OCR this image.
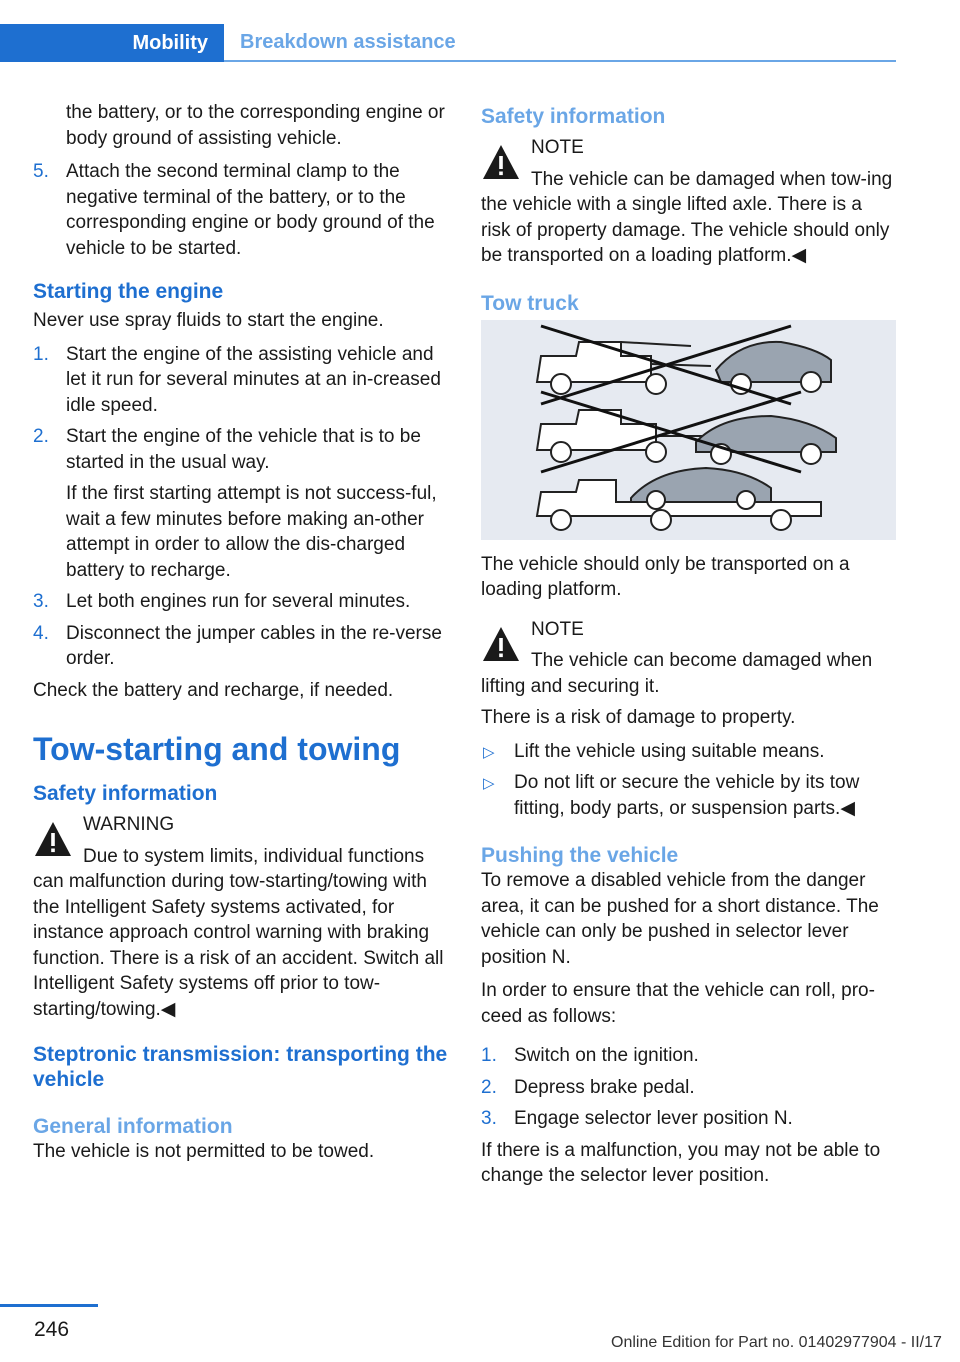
Mobility	Breakdown assistance

the battery, or to the corresponding engine or body ground of assisting vehicle.

5. Attach the second terminal clamp to the negative terminal of the battery, or to the corresponding engine or body ground of the vehicle to be started.

Starting the engine

Never use spray fluids to start the engine.

1. Start the engine of the assisting vehicle and let it run for several minutes at an in‐creased idle speed.

2. Start the engine of the vehicle that is to be started in the usual way.

If the first starting attempt is not success‐ful, wait a few minutes before making an‐other attempt in order to allow the dis‐charged battery to recharge.

3. Let both engines run for several minutes.

4. Disconnect the jumper cables in the re‐verse order.

Check the battery and recharge, if needed.

Tow-starting and towing
Safety information
WARNING

Due to system limits, individual functions can malfunction during tow-starting/towing with the Intelligent Safety systems activated, for instance approach control warning with braking function. There is a risk of an accident. Switch all Intelligent Safety systems off prior to tow-starting/towing.◀

Steptronic transmission: transporting the vehicle
General information

The vehicle is not permitted to be towed.

Safety information
NOTE

The vehicle can be damaged when tow‐ing the vehicle with a single lifted axle. There is a risk of property damage. The vehicle should only be transported on a loading platform.◀

Tow truck

The vehicle should only be transported on a loading platform.

NOTE

The vehicle can become damaged when lifting and securing it.

There is a risk of damage to property.

▷ Lift the vehicle using suitable means.

▷ Do not lift or secure the vehicle by its tow fitting, body parts, or suspension parts.◀

Pushing the vehicle

To remove a disabled vehicle from the danger area, it can be pushed for a short distance. The vehicle can only be pushed in selector lever position N.

In order to ensure that the vehicle can roll, pro‐ceed as follows:

1. Switch on the ignition.

2. Depress brake pedal.

3. Engage selector lever position N.

If there is a malfunction, you may not be able to change the selector lever position.

246
Online Edition for Part no. 01402977904 - II/17
